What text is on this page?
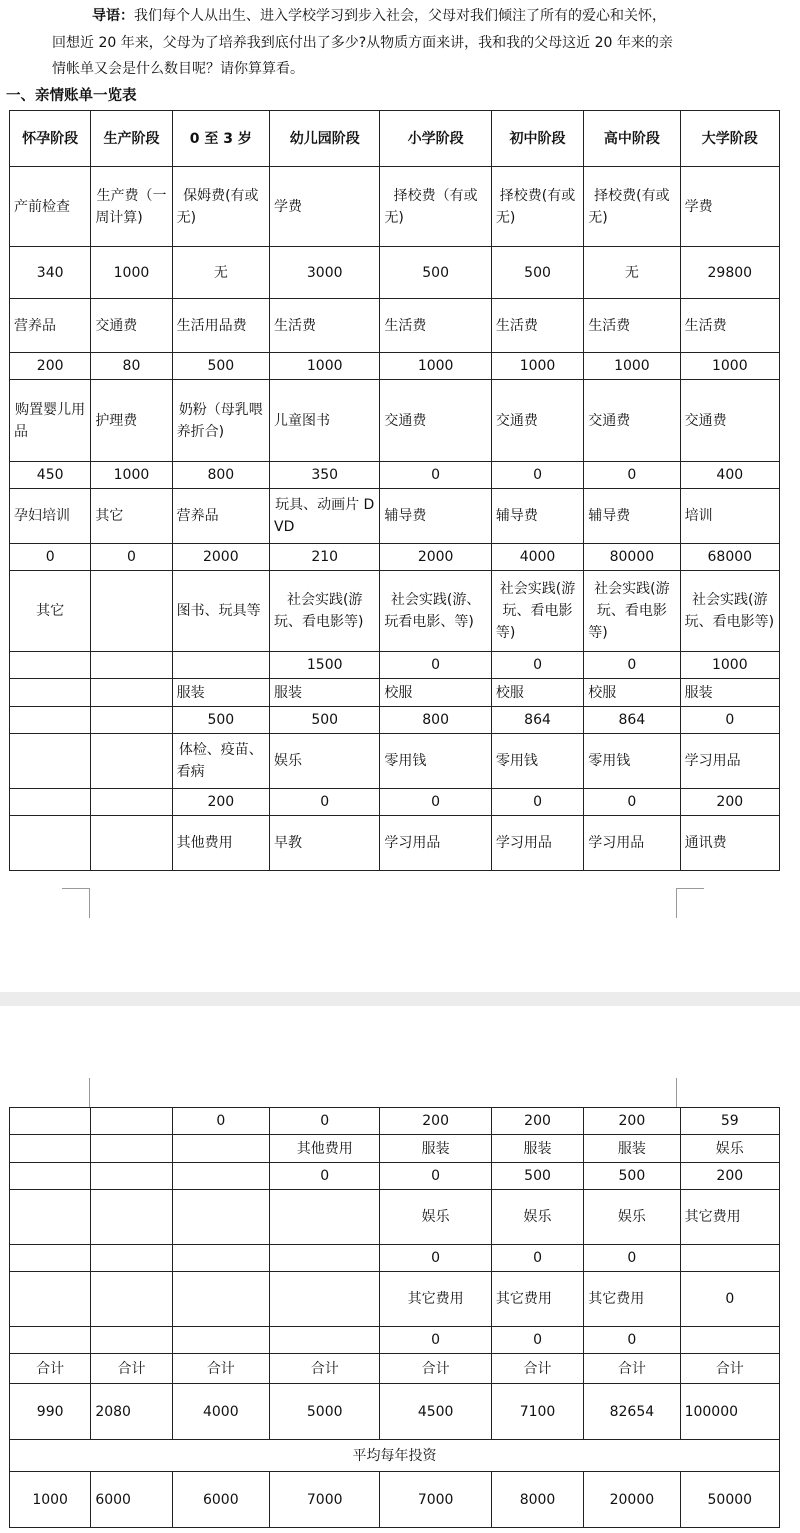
导语：我们每个人从出生、进入学校学习到步入社会，父母对我们倾注了所有的爱心和关怀，

回想近 20 年来，父母为了培养我到底付出了多少?从物质方面来讲，我和我的父母这近 20 年来的亲

情帐单又会是什么数目呢？请你算算看。

一、亲情账单一览表
怀孕阶段	生产阶段	0 至 3 岁	幼儿园阶段	小学阶段	初中阶段	高中阶段	大学阶段
产前检查	生产费（一周计算)	保姆费(有或无)	学费	择校费（有或无)	择校费(有或无)	择校费(有或无)	学费
340	1000	无	3000	500	500	无	29800
营养品	交通费	生活用品费	生活费	生活费	生活费	生活费	生活费
200	80	500	1000	1000	1000	1000	1000
购置婴儿用品	护理费	奶粉（母乳喂养折合)	儿童图书	交通费	交通费	交通费	交通费
450	1000	800	350	0	0	0	400
孕妇培训	其它	营养品	玩具、动画片 DVD	辅导费	辅导费	辅导费	培训
0	0	2000	210	2000	4000	80000	68000
其它		图书、玩具等	社会实践(游玩、看电影等)	社会实践(游、玩看电影、等)	社会实践(游玩、看电影等)	社会实践(游玩、看电影等)	社会实践(游玩、看电影等)
			1500	0	0	0	1000
		服装	服装	校服	校服	校服	服装
		500	500	800	864	864	0
		体检、疫苗、看病	娱乐	零用钱	零用钱	零用钱	学习用品
		200	0	0	0	0	200
		其他费用	早教	学习用品	学习用品	学习用品	通讯费
		0	0	200	200	200	59
			其他费用	服装	服装	服装	娱乐
			0	0	500	500	200
				娱乐	娱乐	娱乐	其它费用
				0	0	0	
				其它费用	其它费用	其它费用	0
				0	0	0	
合计	合计	合计	合计	合计	合计	合计	合计
990	2080	4000	5000	4500	7100	82654	100000
平均每年投资							
1000	6000	6000	7000	7000	8000	20000	50000
